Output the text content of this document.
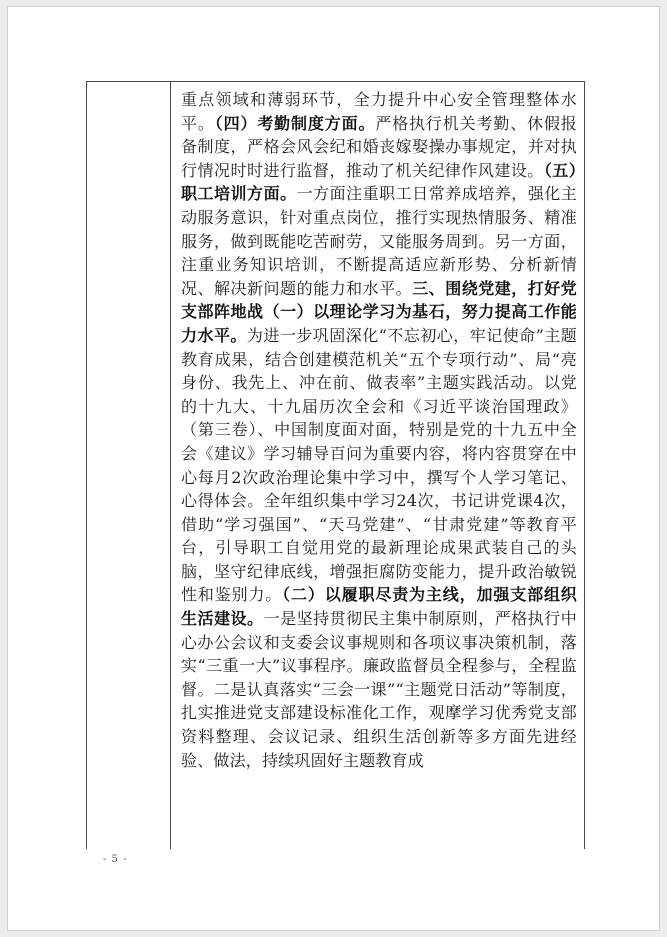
重点领域和薄弱环节，全力提升中心安全管理整体水平。（四）考勤制度方面。严格执行机关考勤、休假报备制度，严格会风会纪和婚丧嫁娶操办事规定，并对执行情况时时进行监督，推动了机关纪律作风建设。（五）职工培训方面。一方面注重职工日常养成培养，强化主动服务意识，针对重点岗位，推行实现热情服务、精准服务，做到既能吃苦耐劳，又能服务周到。另一方面，注重业务知识培训，不断提高适应新形势、分析新情况、解决新问题的能力和水平。三、围绕党建，打好党支部阵地战（一）以理论学习为基石，努力提高工作能力水平。为进一步巩固深化“不忘初心，牢记使命”主题教育成果，结合创建模范机关“五个专项行动”、局“亮身份、我先上、冲在前、做表率”主题实践活动。以党的十九大、十九届历次全会和《习近平谈治国理政》（第三卷）、中国制度面对面，特别是党的十九五中全会《建议》学习辅导百问为重要内容，将内容贯穿在中心每月2次政治理论集中学习中，撰写个人学习笔记、心得体会。全年组织集中学习24次，书记讲党课4次，借助“学习强国”、“天马党建”、“甘肃党建”等教育平台，引导职工自觉用党的最新理论成果武装自己的头脑，坚守纪律底线，增强拒腐防变能力，提升政治敏锐性和鉴别力。（二）以履职尽责为主线，加强支部组织生活建设。一是坚持贯彻民主集中制原则，严格执行中心办公会议和支委会议事规则和各项议事决策机制，落实“三重一大”议事程序。廉政监督员全程参与，全程监督。二是认真落实“三会一课”“主题党日活动”等制度，扎实推进党支部建设标准化工作，观摩学习优秀党支部资料整理、会议记录、组织生活创新等多方面先进经验、做法，持续巩固好主题教育成
- 5 -
